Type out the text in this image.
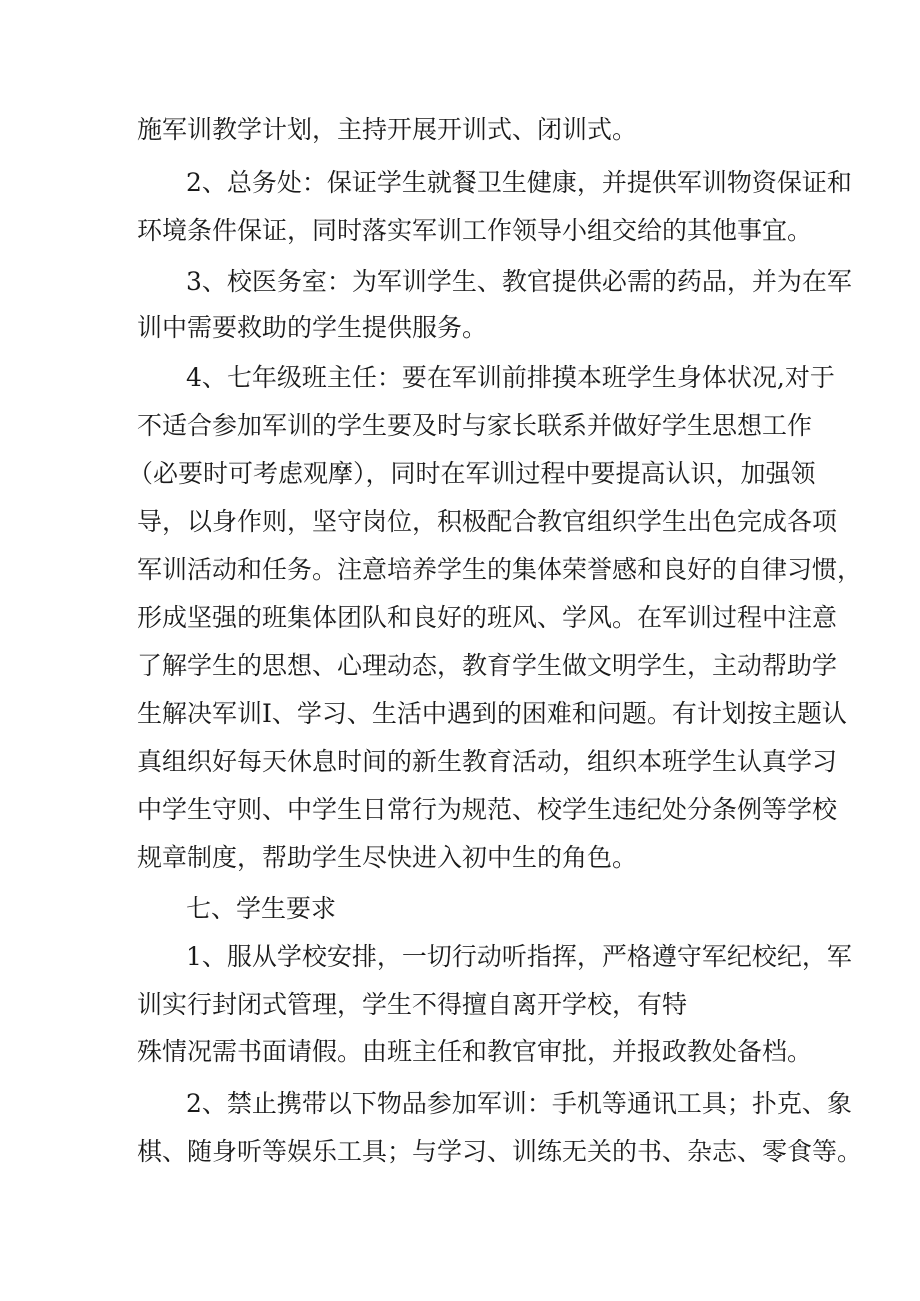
施军训教学计划，主持开展开训式、闭训式。

2、总务处：保证学生就餐卫生健康，并提供军训物资保证和

环境条件保证，同时落实军训工作领导小组交给的其他事宜。

3、校医务室：为军训学生、教官提供必需的药品，并为在军

训中需要救助的学生提供服务。

4、七年级班主任：要在军训前排摸本班学生身体状况,对于

不适合参加军训的学生要及时与家长联系并做好学生思想工作

（必要时可考虑观摩），同时在军训过程中要提高认识，加强领

导，以身作则，坚守岗位，积极配合教官组织学生出色完成各项

军训活动和任务。注意培养学生的集体荣誉感和良好的自律习惯，

形成坚强的班集体团队和良好的班风、学风。在军训过程中注意

了解学生的思想、心理动态，教育学生做文明学生，主动帮助学

生解决军训I、学习、生活中遇到的困难和问题。有计划按主题认

真组织好每天休息时间的新生教育活动，组织本班学生认真学习

中学生守则、中学生日常行为规范、校学生违纪处分条例等学校

规章制度，帮助学生尽快进入初中生的角色。

七、学生要求

1、服从学校安排，一切行动听指挥，严格遵守军纪校纪，军

训实行封闭式管理，学生不得擅自离开学校，有特

殊情况需书面请假。由班主任和教官审批，并报政教处备档。

2、禁止携带以下物品参加军训：手机等通讯工具；扑克、象

棋、随身听等娱乐工具；与学习、训练无关的书、杂志、零食等。
